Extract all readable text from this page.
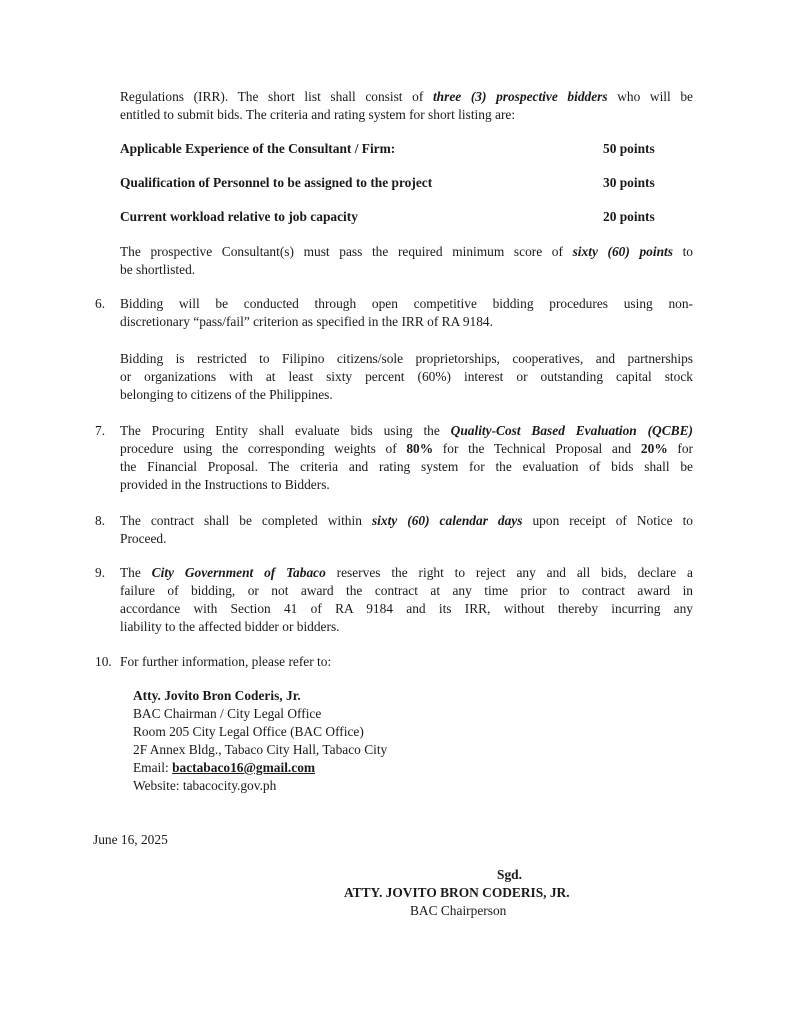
Regulations (IRR). The short list shall consist of three (3) prospective bidders who will be
entitled to submit bids. The criteria and rating system for short listing are:
Applicable Experience of the Consultant / Firm:	50 points
Qualification of Personnel to be assigned to the project	30 points
Current workload relative to job capacity	20 points
The prospective Consultant(s) must pass the required minimum score of sixty (60) points to
be shortlisted.
6. Bidding will be conducted through open competitive bidding procedures using non-
discretionary “pass/fail” criterion as specified in the IRR of RA 9184.
Bidding is restricted to Filipino citizens/sole proprietorships, cooperatives, and partnerships
or organizations with at least sixty percent (60%) interest or outstanding capital stock
belonging to citizens of the Philippines.
7. The Procuring Entity shall evaluate bids using the Quality-Cost Based Evaluation (QCBE)
procedure using the corresponding weights of 80% for the Technical Proposal and 20% for
the Financial Proposal. The criteria and rating system for the evaluation of bids shall be
provided in the Instructions to Bidders.
8. The contract shall be completed within sixty (60) calendar days upon receipt of Notice to
Proceed.
9. The City Government of Tabaco reserves the right to reject any and all bids, declare a
failure of bidding, or not award the contract at any time prior to contract award in
accordance with Section 41 of RA 9184 and its IRR, without thereby incurring any
liability to the affected bidder or bidders.
10. For further information, please refer to:
Atty. Jovito Bron Coderis, Jr.
BAC Chairman / City Legal Office
Room 205 City Legal Office (BAC Office)
2F Annex Bldg., Tabaco City Hall, Tabaco City
Email: bactabaco16@gmail.com
Website: tabacocity.gov.ph
June 16, 2025
Sgd.
ATTY. JOVITO BRON CODERIS, JR.
BAC Chairperson
